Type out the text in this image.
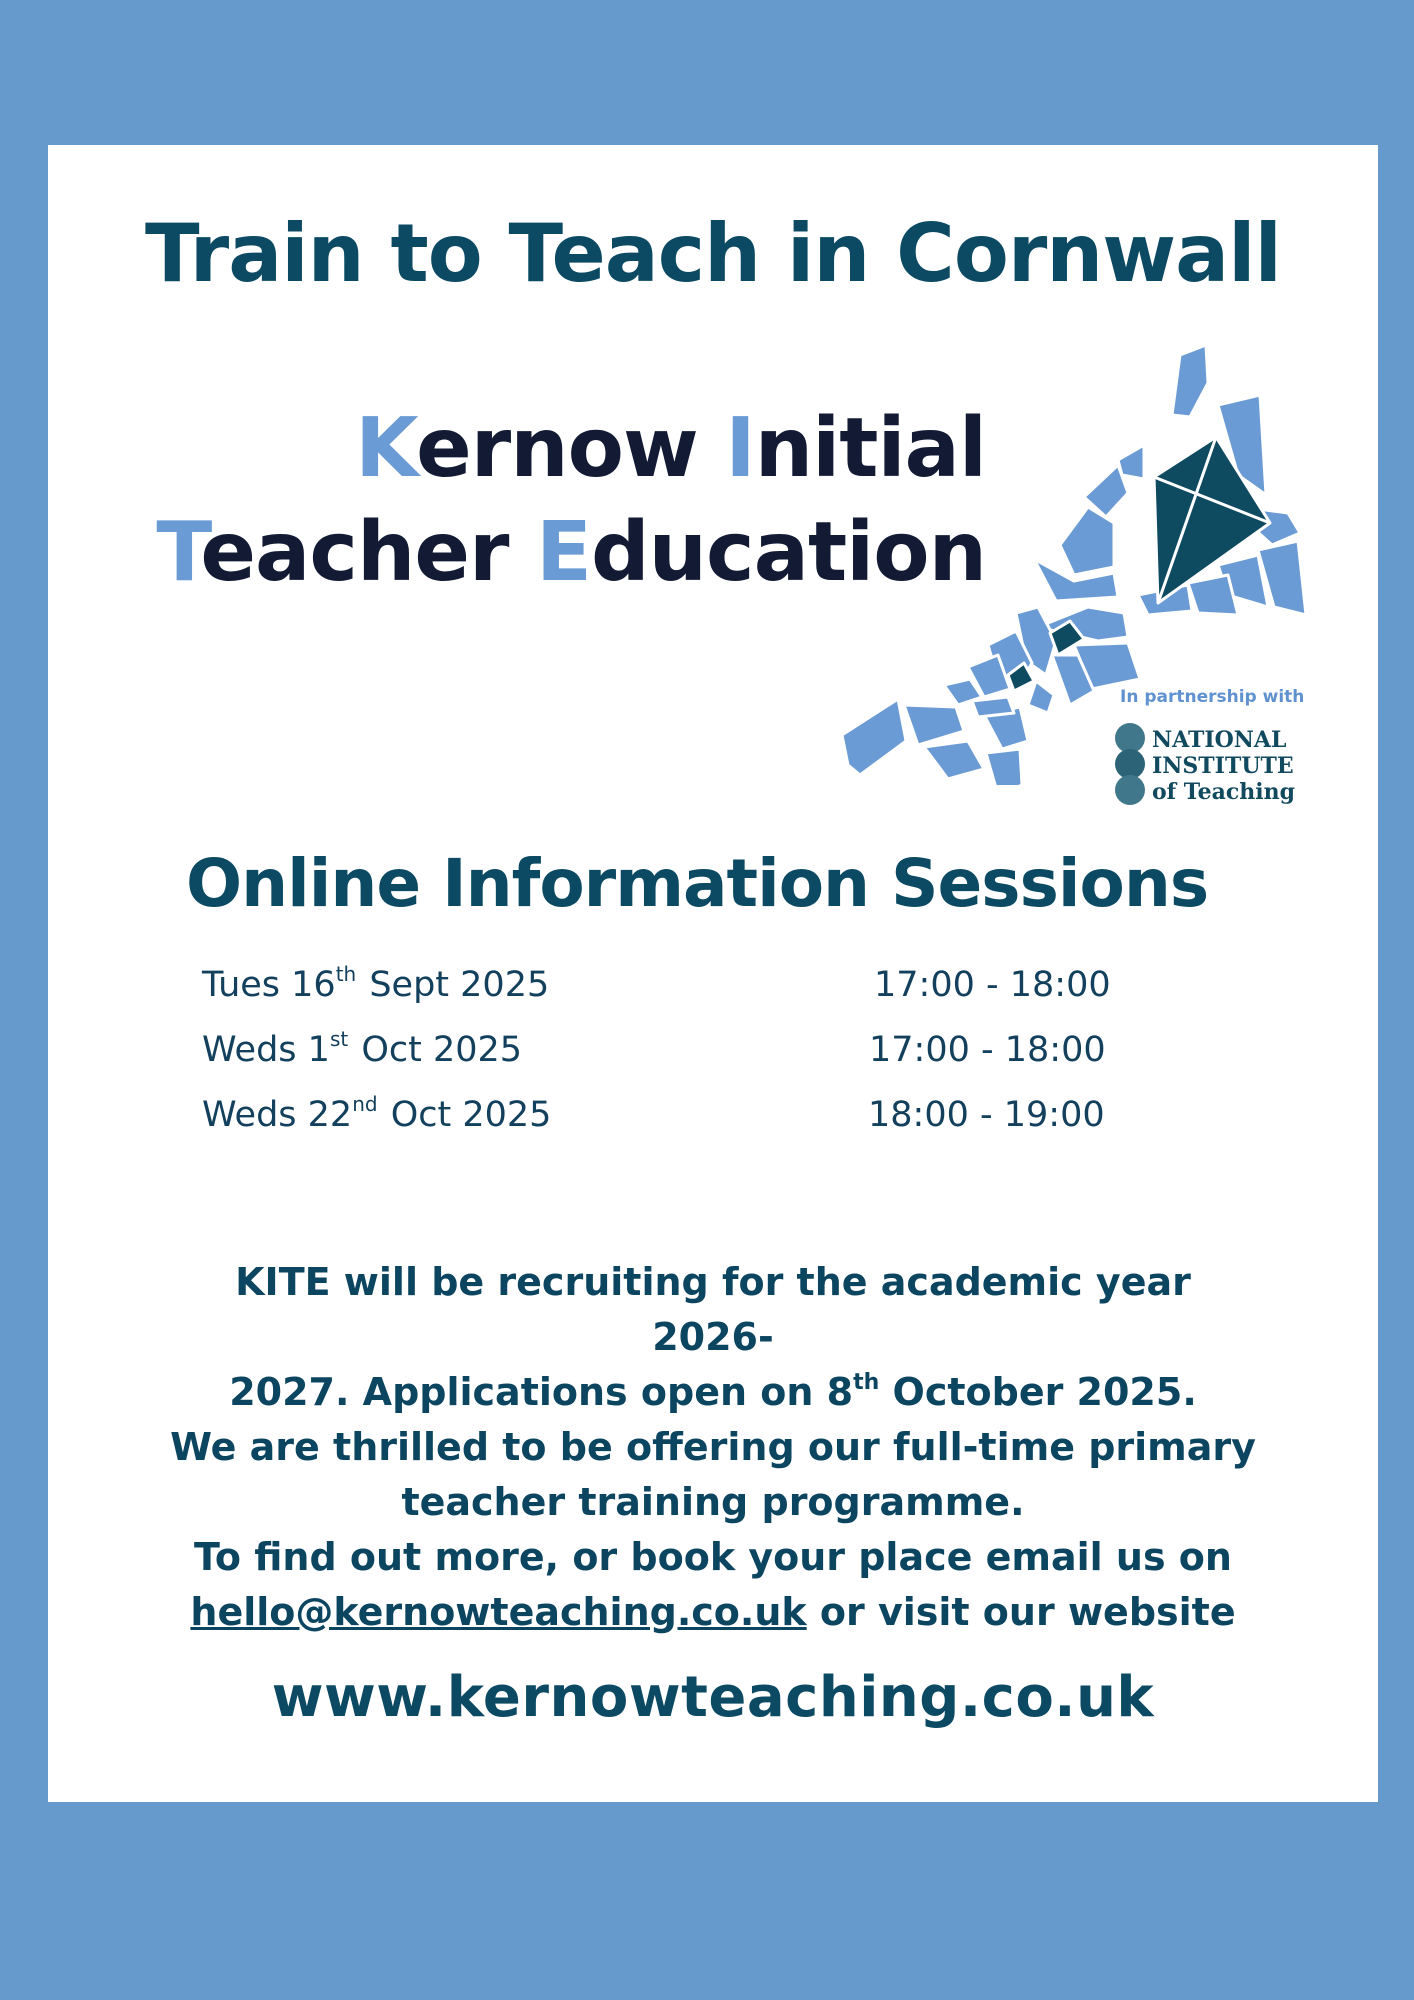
Train to Teach in Cornwall
Kernow Initial
Teacher Education
In partnership with
NATIONAL
INSTITUTE
of Teaching
Online Information Sessions
Tues 16th Sept 2025	17:00 - 18:00
Weds 1st Oct 2025	17:00 - 18:00
Weds 22nd Oct 2025	18:00 - 19:00

KITE will be recruiting for the academic year 2026-

2027. Applications open on 8th October 2025.

We are thrilled to be offering our full-time primary

teacher training programme.

To find out more, or book your place email us on

hello@kernowteaching.co.uk or visit our website

www.kernowteaching.co.uk
